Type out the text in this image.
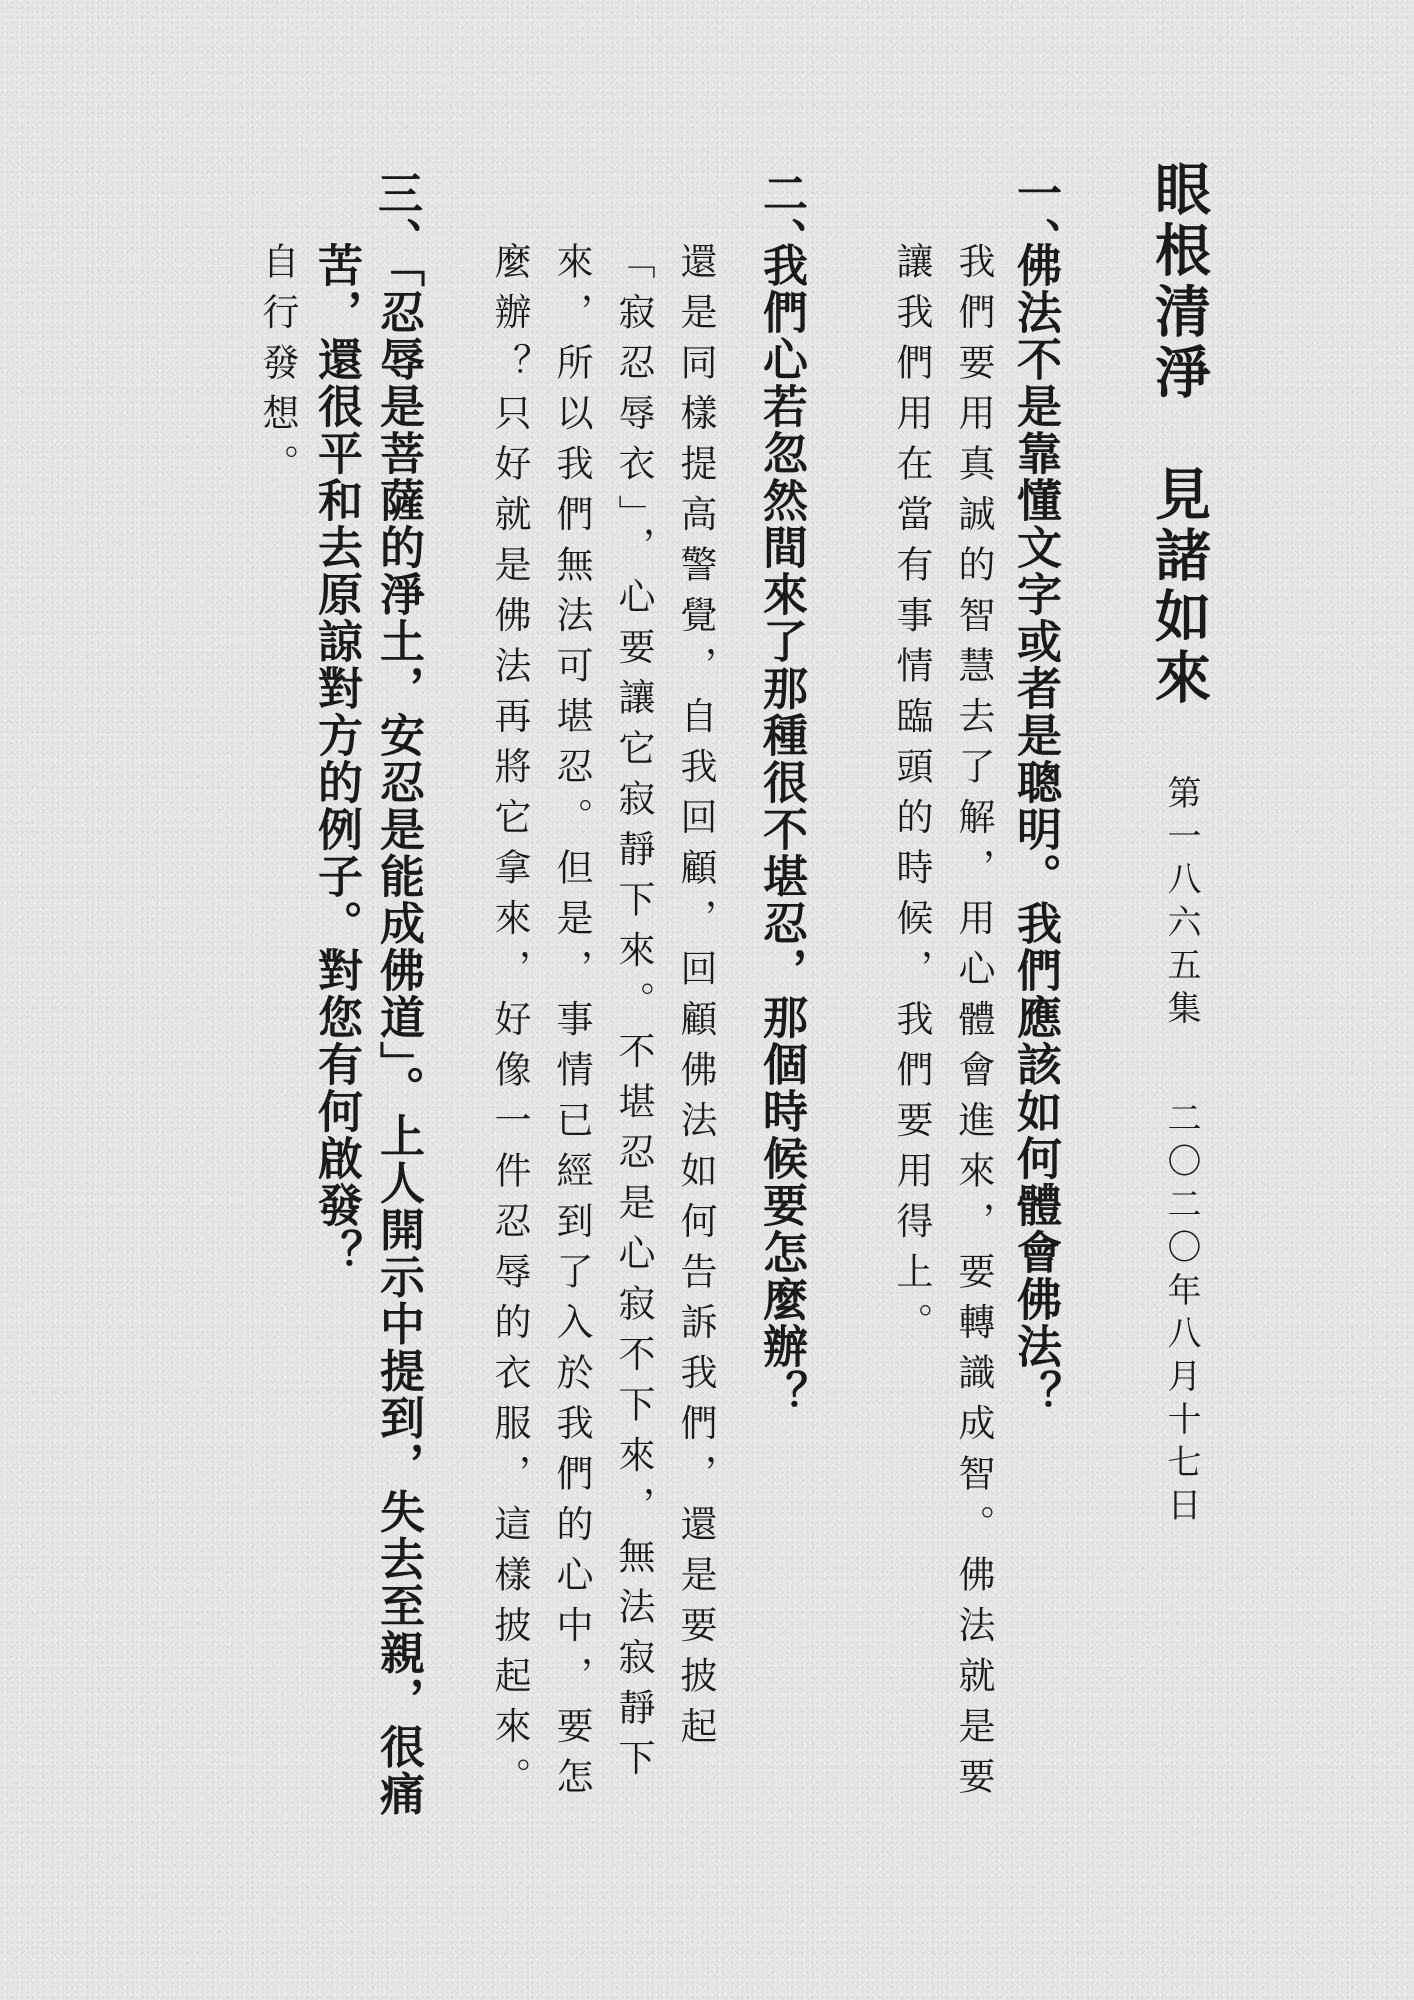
眼根清淨　見諸如來
第一八六五集
二〇二〇年八月十七日
一、
佛法不是靠懂文字或者是聰明。我們應該如何體會佛法？
我們要用真誠的智慧去了解，用心體會進來，要轉識成智。佛法就是要讓我們用在當有事情臨頭的時候，我們要用得上。
二、
我們心若忽然間來了那種很不堪忍，那個時候要怎麼辦？
還是同樣提高警覺，自我回顧，回顧佛法如何告訴我們，還是要披起「寂忍辱衣」，心要讓它寂靜下來。不堪忍是心寂不下來，無法寂靜下來，所以我們無法可堪忍。但是，事情已經到了入於我們的心中，要怎麼辦？只好就是佛法再將它拿來，好像一件忍辱的衣服，這樣披起來。
三、
「忍辱是菩薩的淨土，安忍是能成佛道」。上人開示中提到，失去至親，很痛苦，還很平和去原諒對方的例子。對您有何啟發？
自行發想。
